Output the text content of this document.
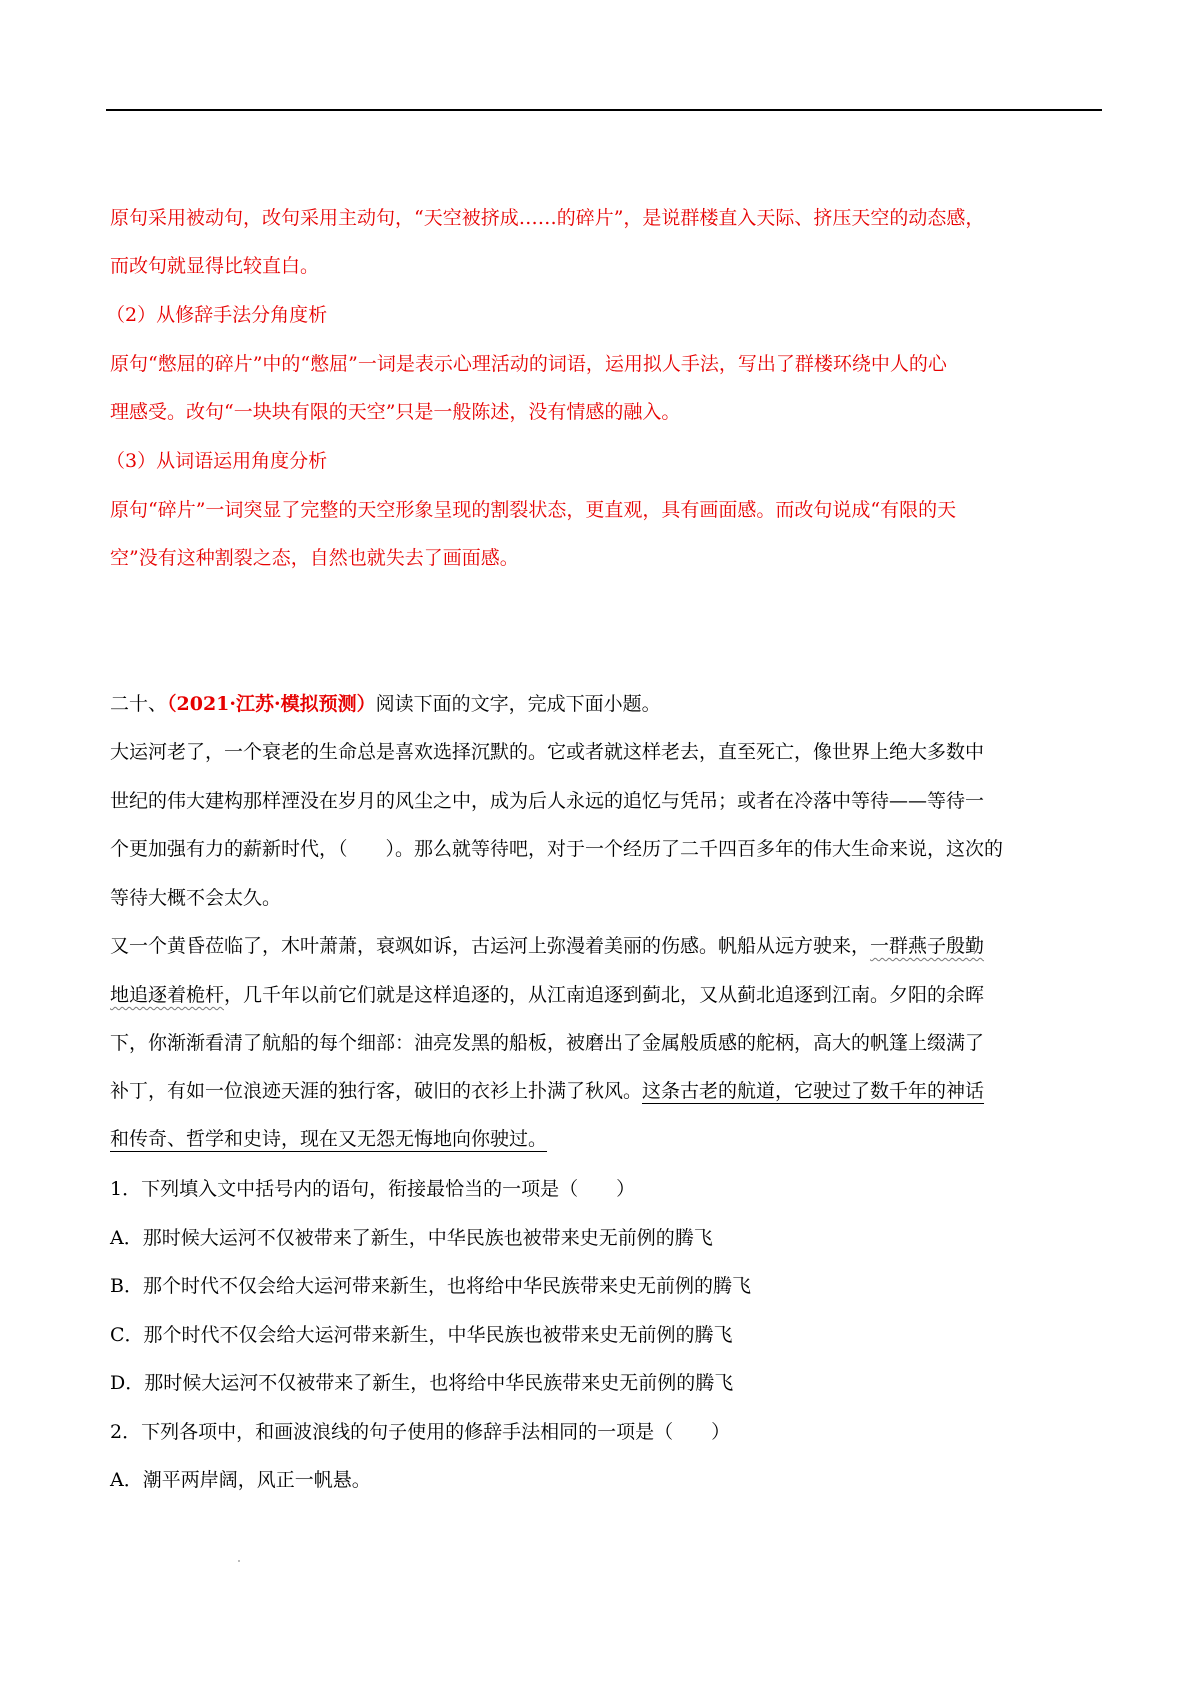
原句采用被动句，改句采用主动句，“天空被挤成……的碎片”，是说群楼直入天际、挤压天空的动态感，
而改句就显得比较直白。
（2）从修辞手法分角度析
原句“憋屈的碎片”中的“憋屈”一词是表示心理活动的词语，运用拟人手法，写出了群楼环绕中人的心
理感受。改句“一块块有限的天空”只是一般陈述，没有情感的融入。
（3）从词语运用角度分析
原句“碎片”一词突显了完整的天空形象呈现的割裂状态，更直观，具有画面感。而改句说成“有限的天
空”没有这种割裂之态，自然也就失去了画面感。
二十、（2021·江苏·模拟预测）阅读下面的文字，完成下面小题。
大运河老了，一个衰老的生命总是喜欢选择沉默的。它或者就这样老去，直至死亡，像世界上绝大多数中
世纪的伟大建构那样湮没在岁月的风尘之中，成为后人永远的追忆与凭吊；或者在冷落中等待——等待一
个更加强有力的薪新时代，（　　）。那么就等待吧，对于一个经历了二千四百多年的伟大生命来说，这次的
等待大概不会太久。
又一个黄昏莅临了，木叶萧萧，衰飒如诉，古运河上弥漫着美丽的伤感。帆船从远方驶来，一群燕子殷勤
地追逐着桅杆，几千年以前它们就是这样追逐的，从江南追逐到蓟北，又从蓟北追逐到江南。夕阳的余晖
下，你渐渐看清了航船的每个细部：油亮发黑的船板，被磨出了金属般质感的舵柄，高大的帆篷上缀满了
补丁，有如一位浪迹天涯的独行客，破旧的衣衫上扑满了秋风。这条古老的航道，它驶过了数千年的神话
和传奇、哲学和史诗，现在又无怨无悔地向你驶过。
1．下列填入文中括号内的语句，衔接最恰当的一项是（　　）
A．那时候大运河不仅被带来了新生，中华民族也被带来史无前例的腾飞
B．那个时代不仅会给大运河带来新生，也将给中华民族带来史无前例的腾飞
C．那个时代不仅会给大运河带来新生，中华民族也被带来史无前例的腾飞
D．那时候大运河不仅被带来了新生，也将给中华民族带来史无前例的腾飞
2．下列各项中，和画波浪线的句子使用的修辞手法相同的一项是（　　）
A．潮平两岸阔，风正一帆悬。
